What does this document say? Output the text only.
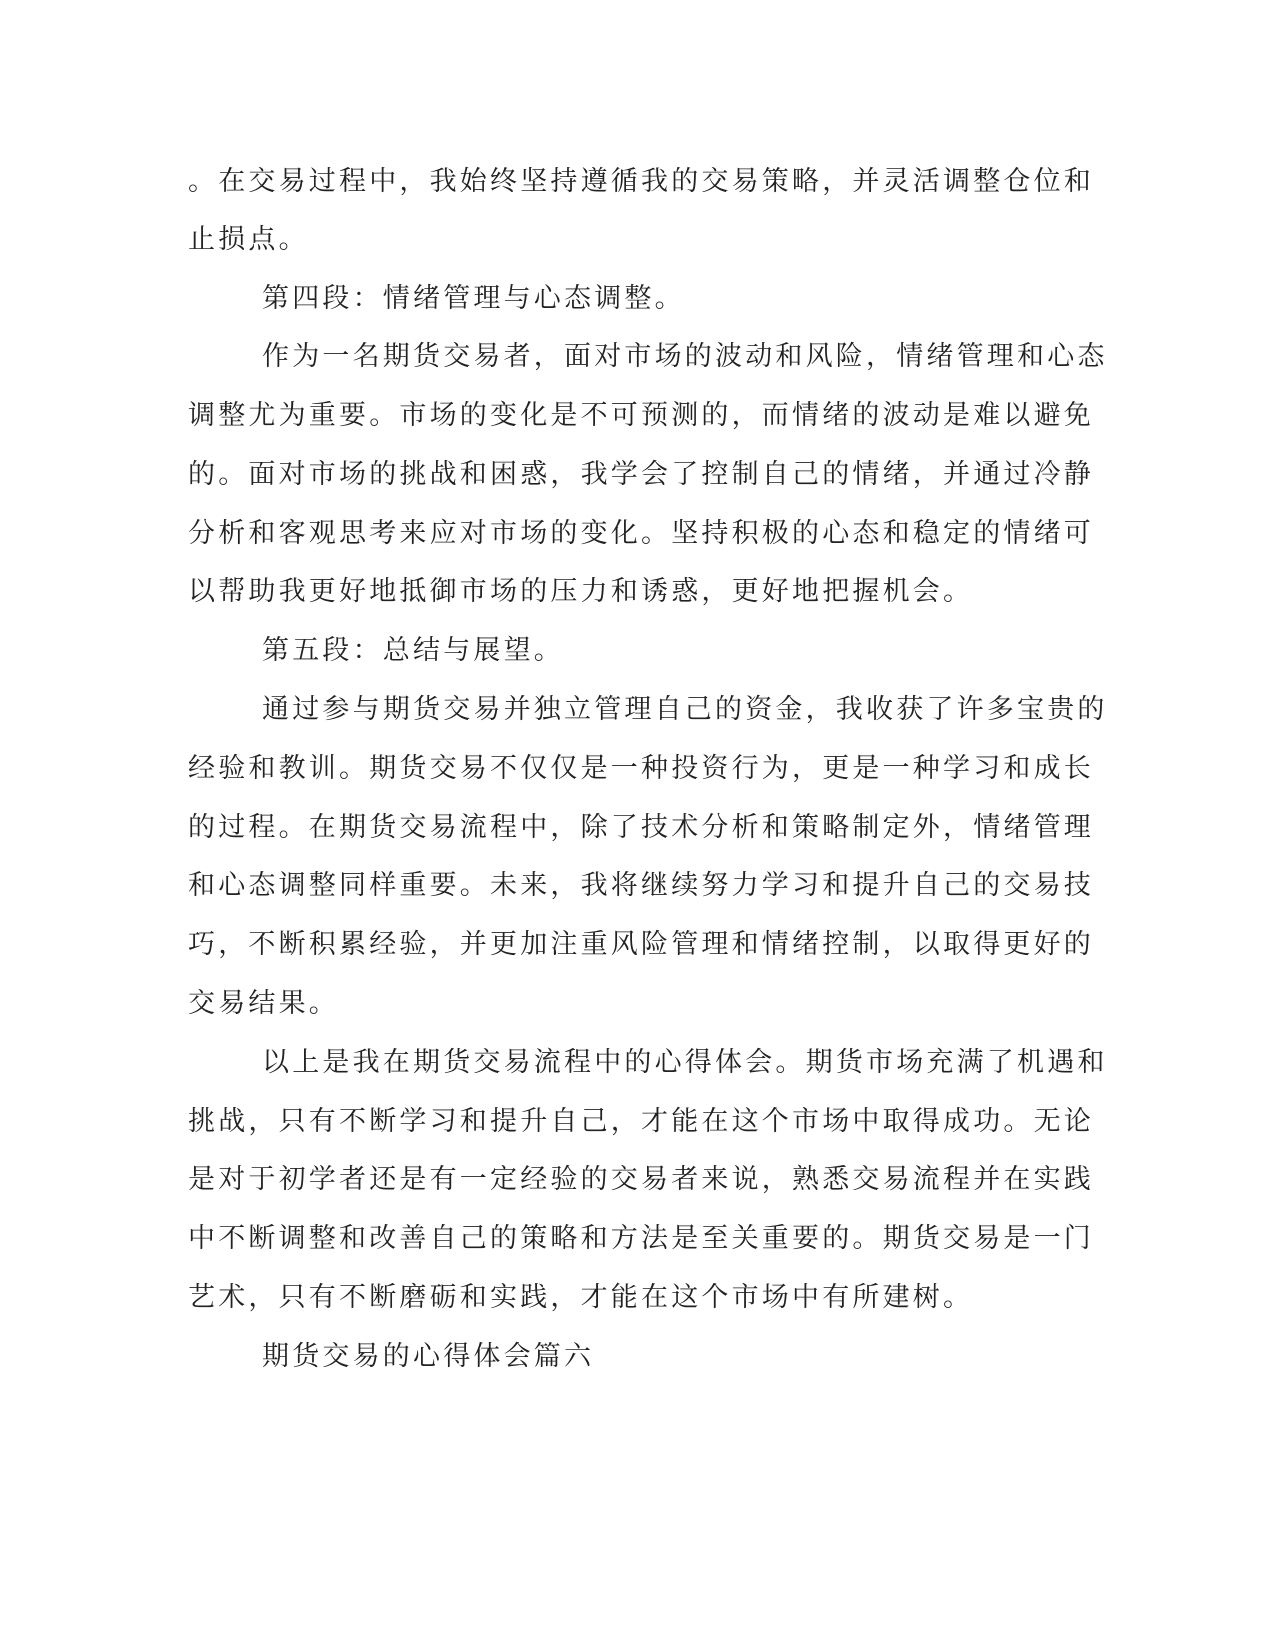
。在交易过程中，我始终坚持遵循我的交易策略，并灵活调整仓位和
止损点。
第四段：情绪管理与心态调整。
作为一名期货交易者，面对市场的波动和风险，情绪管理和心态
调整尤为重要。市场的变化是不可预测的，而情绪的波动是难以避免
的。面对市场的挑战和困惑，我学会了控制自己的情绪，并通过冷静
分析和客观思考来应对市场的变化。坚持积极的心态和稳定的情绪可
以帮助我更好地抵御市场的压力和诱惑，更好地把握机会。
第五段：总结与展望。
通过参与期货交易并独立管理自己的资金，我收获了许多宝贵的
经验和教训。期货交易不仅仅是一种投资行为，更是一种学习和成长
的过程。在期货交易流程中，除了技术分析和策略制定外，情绪管理
和心态调整同样重要。未来，我将继续努力学习和提升自己的交易技
巧，不断积累经验，并更加注重风险管理和情绪控制，以取得更好的
交易结果。
以上是我在期货交易流程中的心得体会。期货市场充满了机遇和
挑战，只有不断学习和提升自己，才能在这个市场中取得成功。无论
是对于初学者还是有一定经验的交易者来说，熟悉交易流程并在实践
中不断调整和改善自己的策略和方法是至关重要的。期货交易是一门
艺术，只有不断磨砺和实践，才能在这个市场中有所建树。
期货交易的心得体会篇六
